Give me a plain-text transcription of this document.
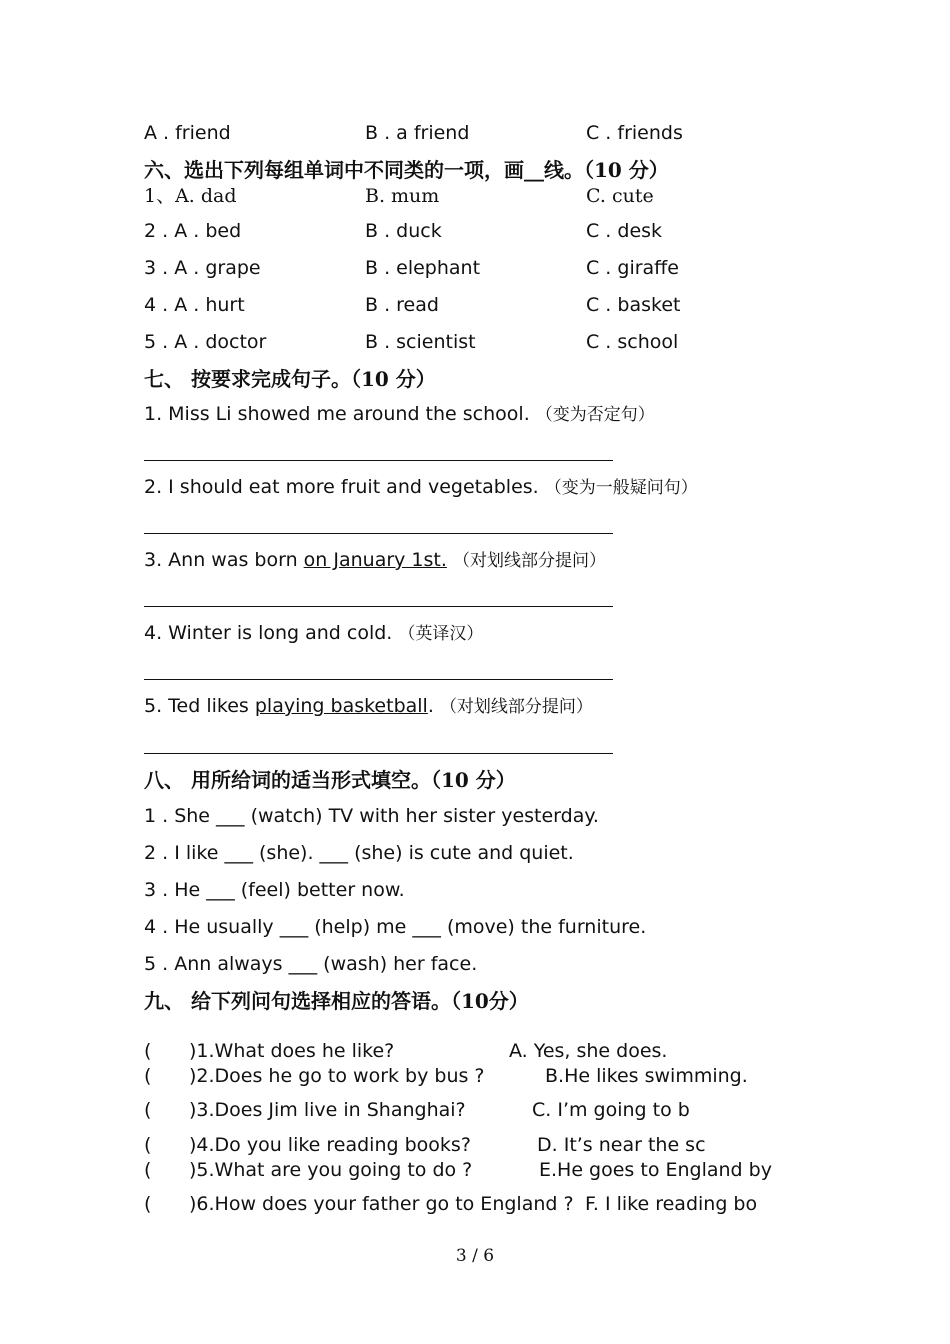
A . friend	B . a friend	C . friends
六、选出下列每组单词中不同类的一项，画__线。（10 分）
1、A. dad	B. mum	C. cute
2 . A . bed	B . duck	C . desk
3 . A . grape	B . elephant	C . giraffe
4 . A . hurt	B . read	C . basket
5 . A . doctor	B . scientist	C . school
七、 按要求完成句子。（10 分）
1. Miss Li showed me around the school. （变为否定句）
2. I should eat more fruit and vegetables. （变为一般疑问句）
3. Ann was born on January 1st. （对划线部分提问）
4. Winter is long and cold. （英译汉）
5. Ted likes playing basketball. （对划线部分提问）
八、 用所给词的适当形式填空。（10 分）
1 . She ___ (watch) TV with her sister yesterday.
2 . I like ___ (she). ___ (she) is cute and quiet.
3 . He ___ (feel) better now.
4 . He usually ___ (help) me ___ (move) the furniture.
5 . Ann always ___ (wash) her face.
九、 给下列问句选择相应的答语。（10分）
( )1.What does he like?	A. Yes, she does.
( )2.Does he go to work by bus ?	B.He likes swimming.
( )3.Does Jim live in Shanghai?	C. I’m going to b
( )4.Do you like reading books?	D. It’s near the sc
( )5.What are you going to do ?	E.He goes to England by
( )6.How does your father go to England ? F. I like reading bo
3 / 6
